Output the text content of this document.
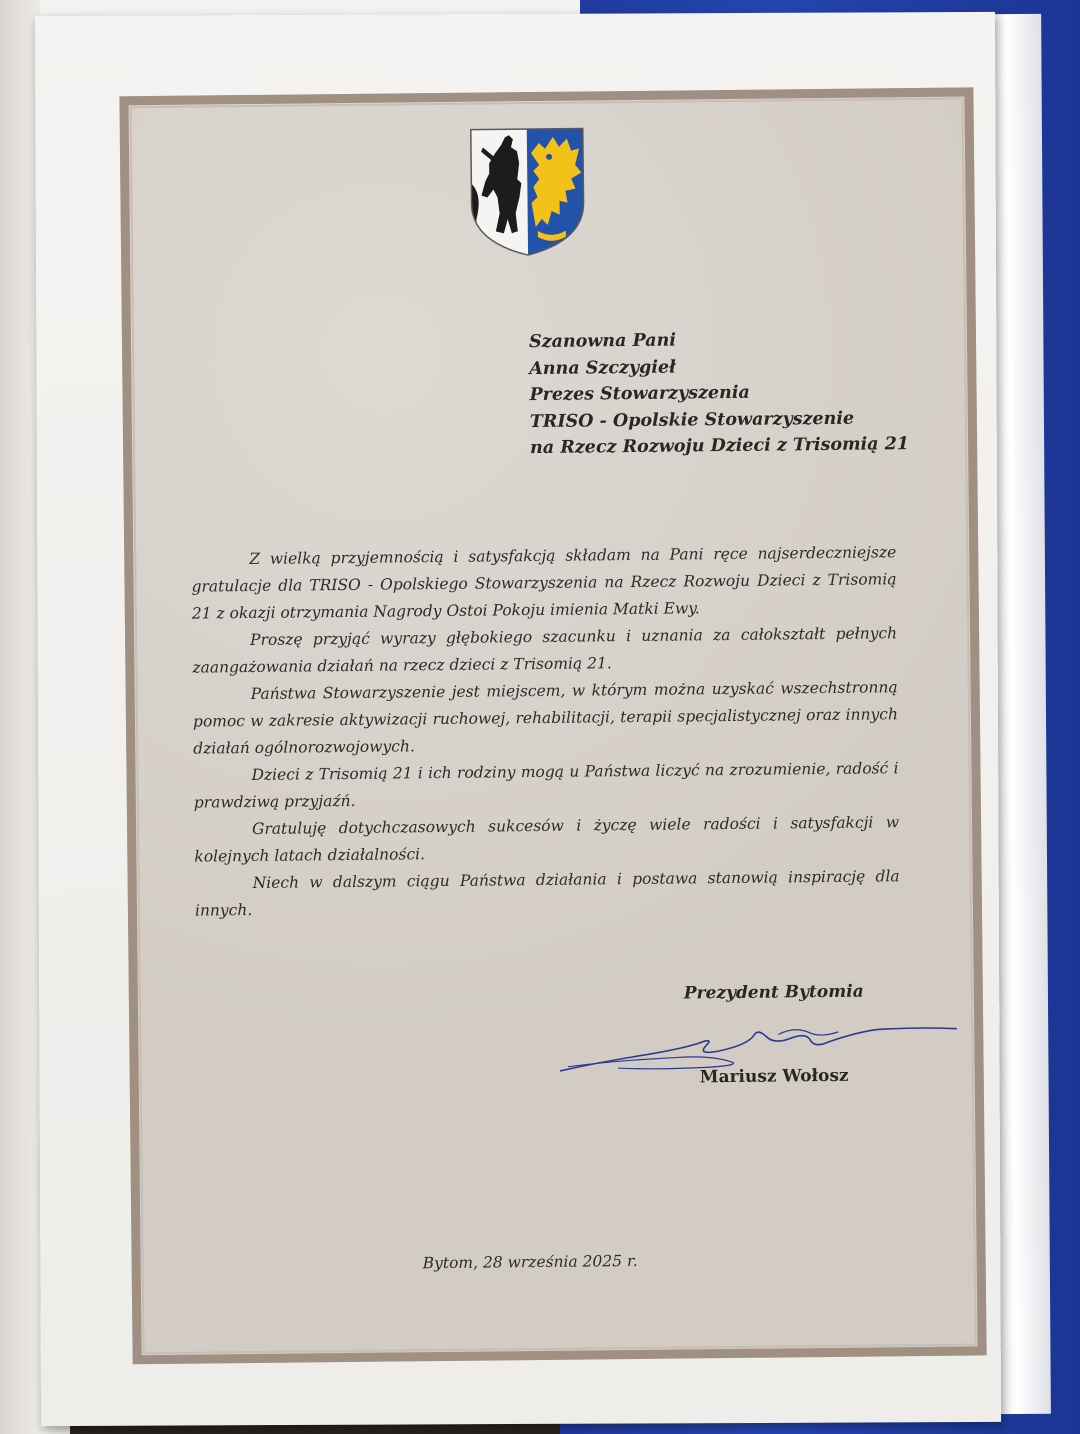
Szanowna Pani
Anna Szczygieł
Prezes Stowarzyszenia
TRISO - Opolskie Stowarzyszenie
na Rzecz Rozwoju Dzieci z Trisomią 21

Z wielką przyjemnością i satysfakcją składam na Pani ręce najserdeczniejsze gratulacje dla TRISO - Opolskiego Stowarzyszenia na Rzecz Rozwoju Dzieci z Trisomią 21 z okazji otrzymania Nagrody Ostoi Pokoju imienia Matki Ewy.

Proszę przyjąć wyrazy głębokiego szacunku i uznania za całokształt pełnych zaangażowania działań na rzecz dzieci z Trisomią 21.

Państwa Stowarzyszenie jest miejscem, w którym można uzyskać wszechstronną pomoc w zakresie aktywizacji ruchowej, rehabilitacji, terapii specjalistycznej oraz innych działań ogólnorozwojowych.

Dzieci z Trisomią 21 i ich rodziny mogą u Państwa liczyć na zrozumienie, radość i prawdziwą przyjaźń.

Gratuluję dotychczasowych sukcesów i życzę wiele radości i satysfakcji w kolejnych latach działalności.

Niech w dalszym ciągu Państwa działania i postawa stanowią inspirację dla innych.

Prezydent Bytomia
Mariusz Wołosz
Bytom, 28 września 2025 r.
